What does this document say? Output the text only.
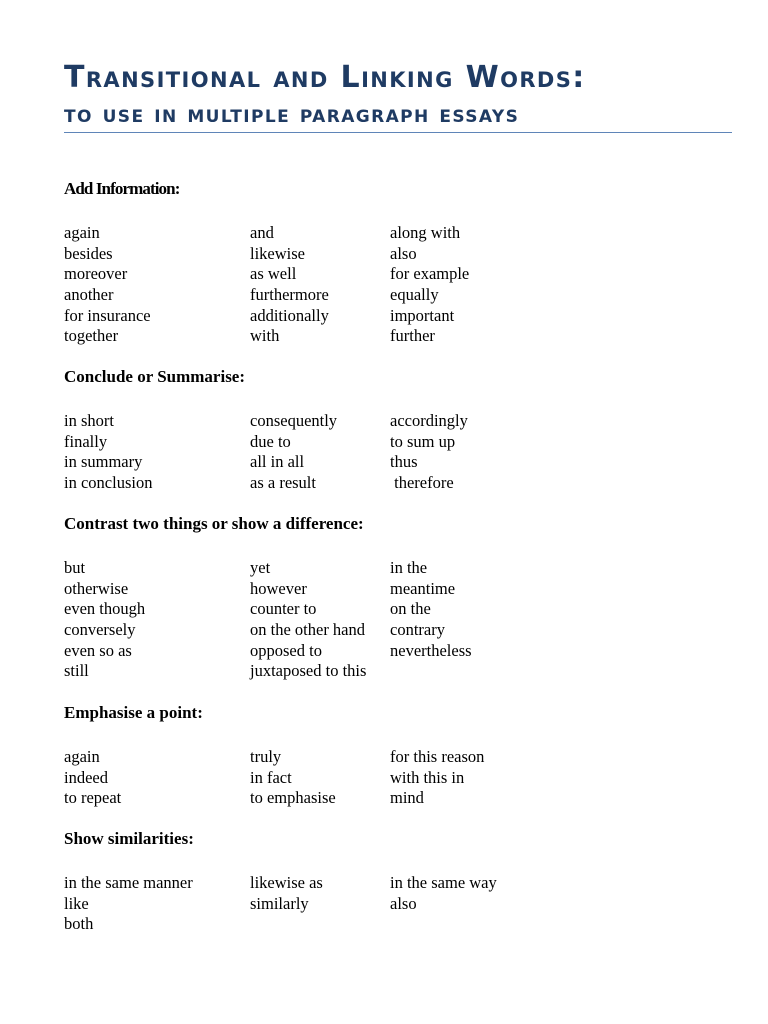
Transitional and Linking Words:
to use in multiple paragraph essays

Add Information:

again	and	along with
besides	likewise	also
moreover	as well	for example
another	furthermore	equally
for insurance	additionally	important
together	with	further

Conclude or Summarise:

in short	consequently	accordingly
finally	due to	to sum up
in summary	all in all	thus
in conclusion	as a result	therefore

Contrast two things or show a difference:

but	yet	in the
otherwise	however	meantime
even though	counter to	on the
conversely	on the other hand	contrary
even so as	opposed to	nevertheless
still	juxtaposed to this

Emphasise a point:

again	truly	for this reason
indeed	in fact	with this in
to repeat	to emphasise	mind

Show similarities:

in the same manner	likewise as	in the same way
like	similarly	also
both
